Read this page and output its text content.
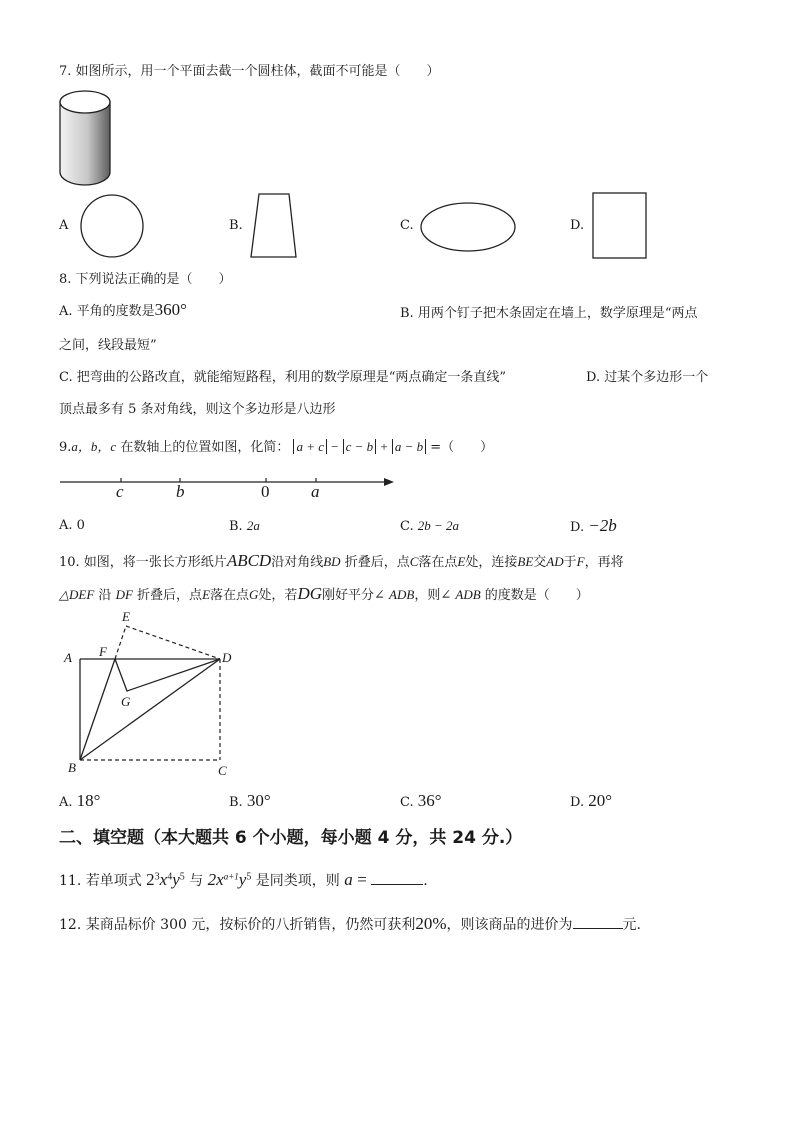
7. 如图所示，用一个平面去截一个圆柱体，截面不可能是（　　）
A	B.	C.	D.
8. 下列说法正确的是（　　）
A. 平角的度数是360°	B. 用两个钉子把木条固定在墙上，数学原理是“两点
之间，线段最短”
C. 把弯曲的公路改直，就能缩短路程，利用的数学原理是“两点确定一条直线”	D. 过某个多边形一个
顶点最多有 5 条对角线，则这个多边形是八边形
9.a，b，c 在数轴上的位置如图，化简： a + c − c − b + a − b =（　　）
c	b	0 a
A. 0	B. 2a	C. 2b − 2a	D. −2b
10. 如图，将一张长方形纸片ABCD沿对角线BD 折叠后，点C落在点E处，连接BE交AD于F，再将
△DEF 沿 DF 折叠后，点E落在点G处，若DG刚好平分∠ ADB，则∠ ADB 的度数是（　　）
A F
E
D
G
B	C
A. 18°	B. 30°	C. 36°	D. 20°
二、填空题（本大题共 6 个小题，每小题 4 分，共 24 分.）
11. 若单项式 $2^3x^4y^5$ 与 $2x^{a+1}y^5$ 是同类项，则 a =	.
12. 某商品标价 300 元，按标价的八折销售，仍然可获利20%，则该商品的进价为	元.
